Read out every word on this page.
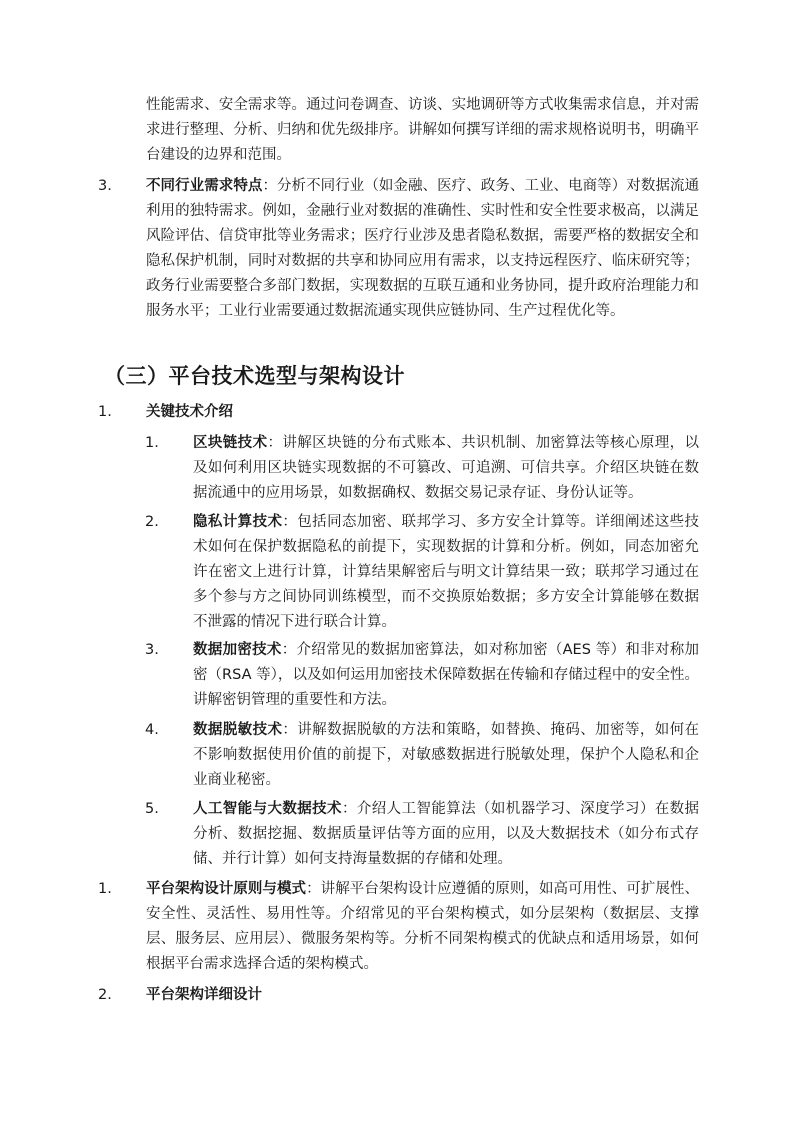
性能需求、安全需求等。通过问卷调查、访谈、实地调研等方式收集需求信息，并对需求进行整理、分析、归纳和优先级排序。讲解如何撰写详细的需求规格说明书，明确平台建设的边界和范围。

3. 不同行业需求特点：分析不同行业（如金融、医疗、政务、工业、电商等）对数据流通利用的独特需求。例如，金融行业对数据的准确性、实时性和安全性要求极高，以满足风险评估、信贷审批等业务需求；医疗行业涉及患者隐私数据，需要严格的数据安全和隐私保护机制，同时对数据的共享和协同应用有需求，以支持远程医疗、临床研究等；政务行业需要整合多部门数据，实现数据的互联互通和业务协同，提升政府治理能力和服务水平；工业行业需要通过数据流通实现供应链协同、生产过程优化等。

（三）平台技术选型与架构设计
1. 关键技术介绍
1. 区块链技术：讲解区块链的分布式账本、共识机制、加密算法等核心原理，以及如何利用区块链实现数据的不可篡改、可追溯、可信共享。介绍区块链在数据流通中的应用场景，如数据确权、数据交易记录存证、身份认证等。

2. 隐私计算技术：包括同态加密、联邦学习、多方安全计算等。详细阐述这些技术如何在保护数据隐私的前提下，实现数据的计算和分析。例如，同态加密允许在密文上进行计算，计算结果解密后与明文计算结果一致；联邦学习通过在多个参与方之间协同训练模型，而不交换原始数据；多方安全计算能够在数据不泄露的情况下进行联合计算。

3. 数据加密技术：介绍常见的数据加密算法，如对称加密（AES 等）和非对称加密（RSA 等），以及如何运用加密技术保障数据在传输和存储过程中的安全性。讲解密钥管理的重要性和方法。

4. 数据脱敏技术：讲解数据脱敏的方法和策略，如替换、掩码、加密等，如何在不影响数据使用价值的前提下，对敏感数据进行脱敏处理，保护个人隐私和企业商业秘密。

5. 人工智能与大数据技术：介绍人工智能算法（如机器学习、深度学习）在数据分析、数据挖掘、数据质量评估等方面的应用，以及大数据技术（如分布式存储、并行计算）如何支持海量数据的存储和处理。

1. 平台架构设计原则与模式：讲解平台架构设计应遵循的原则，如高可用性、可扩展性、安全性、灵活性、易用性等。介绍常见的平台架构模式，如分层架构（数据层、支撑层、服务层、应用层）、微服务架构等。分析不同架构模式的优缺点和适用场景，如何根据平台需求选择合适的架构模式。

2. 平台架构详细设计
